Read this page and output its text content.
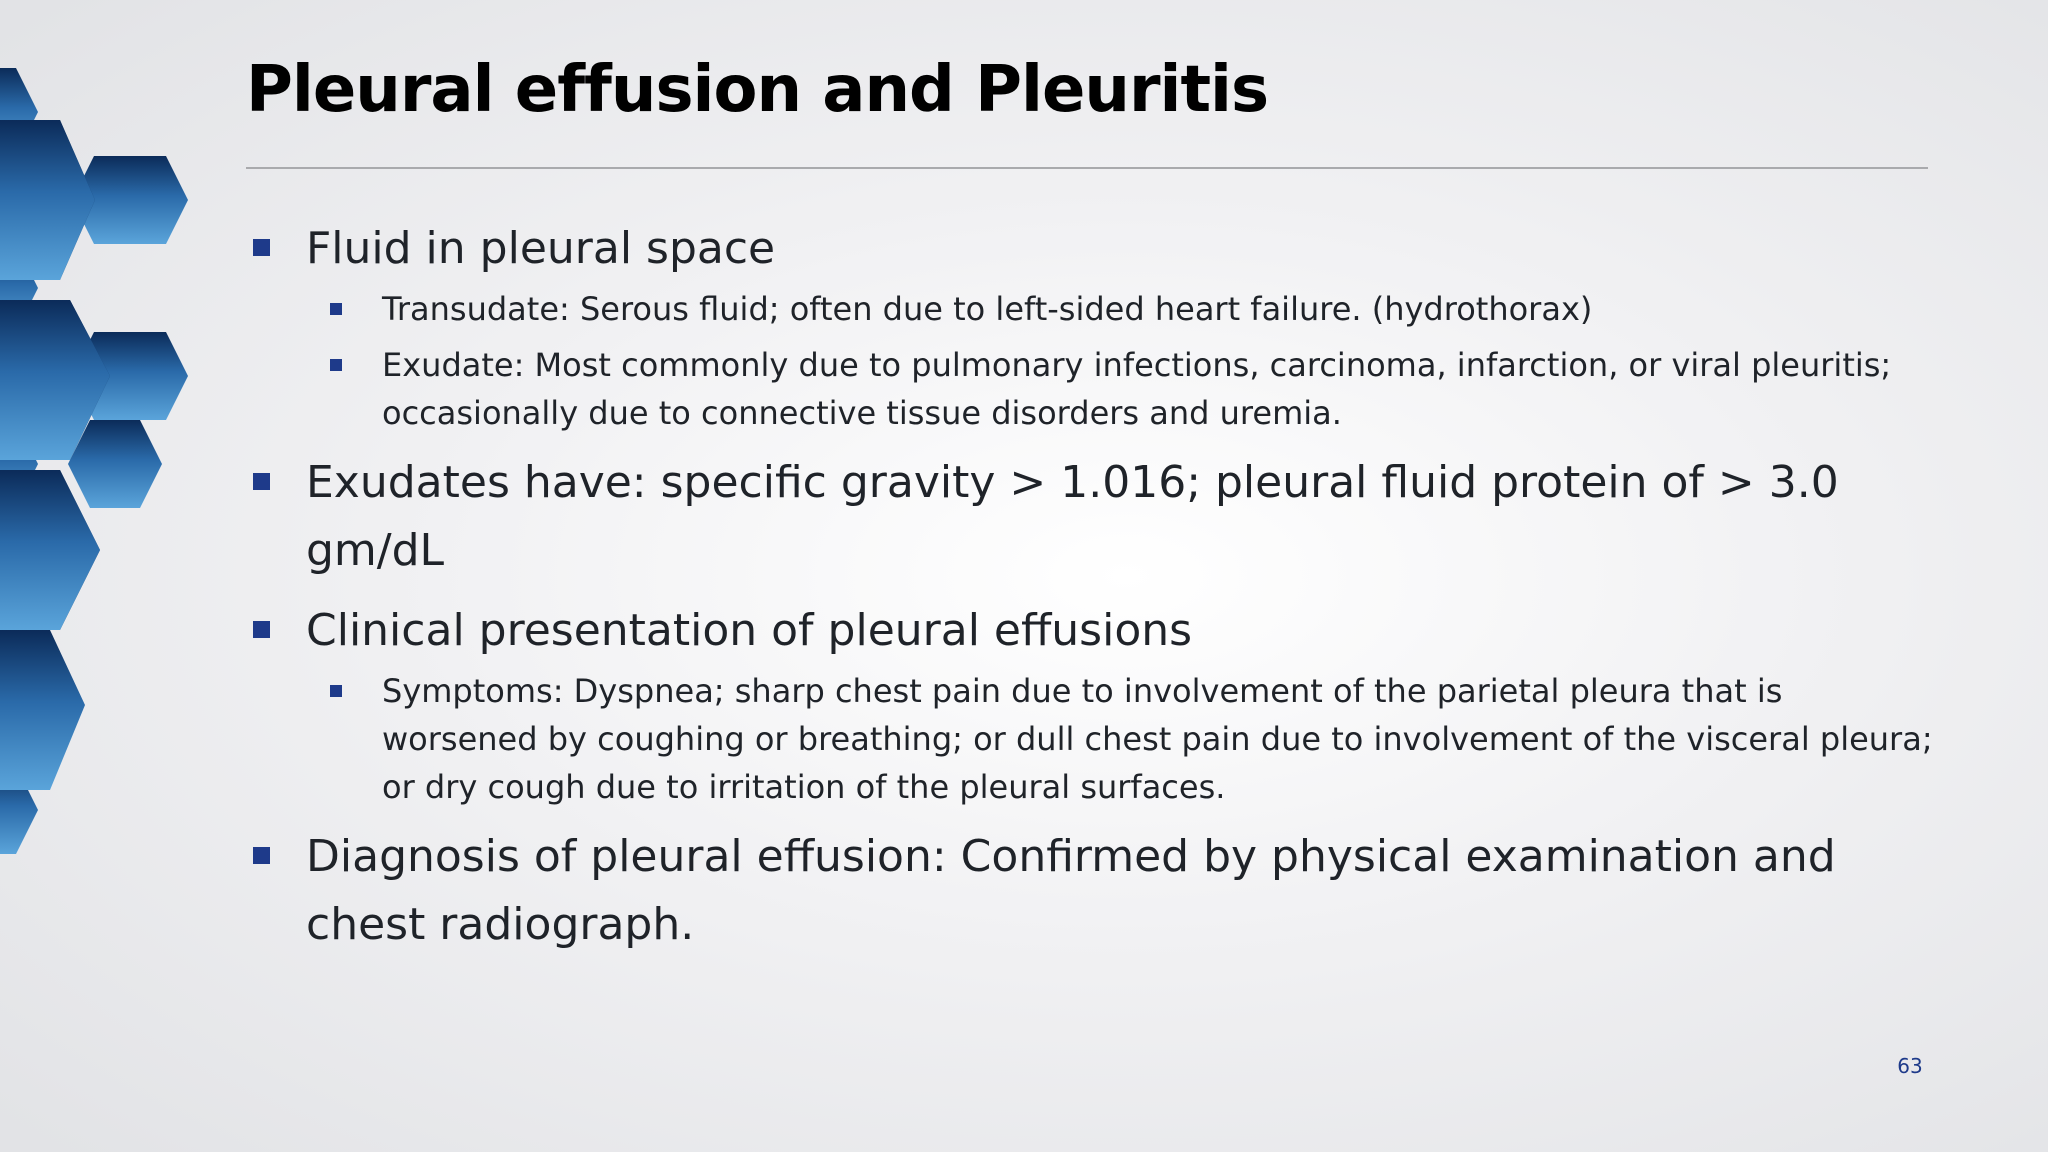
Pleural effusion and Pleuritis
Fluid in pleural space
Transudate: Serous fluid; often due to left-sided heart failure. (hydrothorax)
Exudate: Most commonly due to pulmonary infections, carcinoma, infarction, or viral pleuritis; occasionally due to connective tissue disorders and uremia.
Exudates have: specific gravity > 1.016; pleural fluid protein of > 3.0 gm/dL
Clinical presentation of pleural effusions
Symptoms: Dyspnea; sharp chest pain due to involvement of the parietal pleura that is worsened by coughing or breathing; or dull chest pain due to involvement of the visceral pleura; or dry cough due to irritation of the pleural surfaces.
Diagnosis of pleural effusion: Confirmed by physical examination and chest radiograph.
63
